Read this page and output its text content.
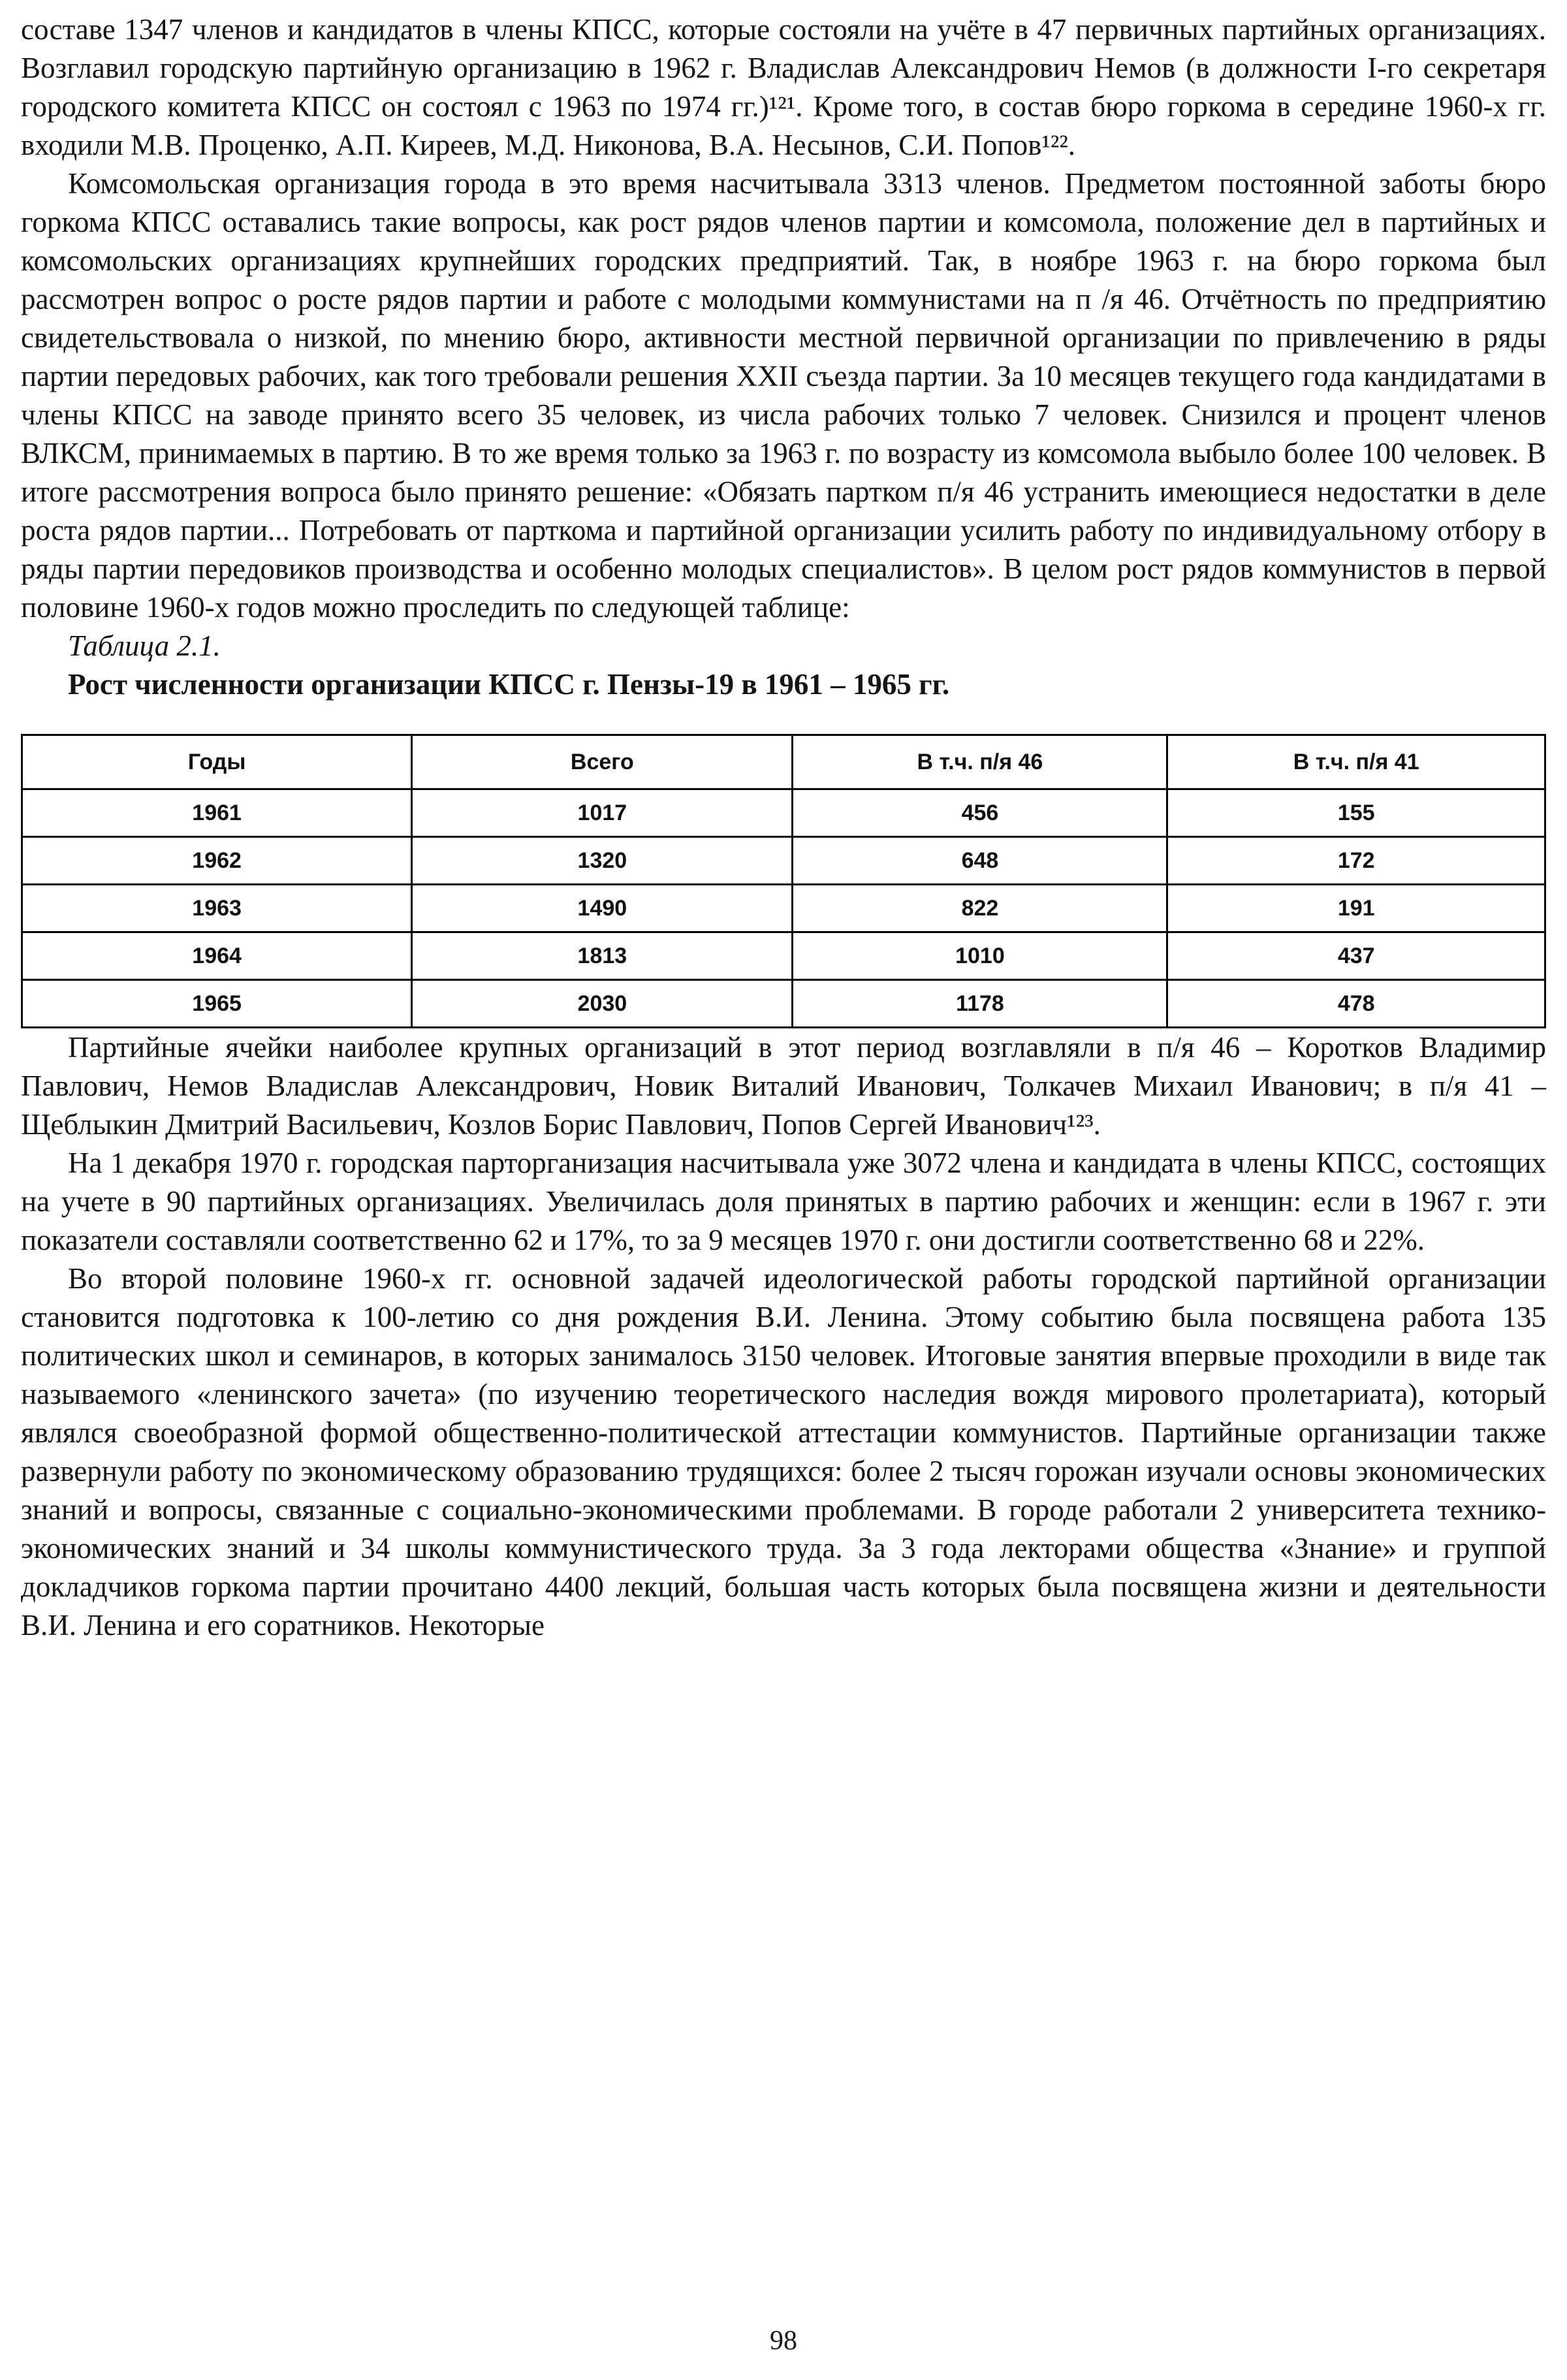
составе 1347 членов и кандидатов в члены КПСС, которые состояли на учёте в 47 первичных партийных организациях. Возглавил городскую партийную организацию в 1962 г. Владислав Александрович Немов (в должности I-го секретаря городского комитета КПСС он состоял с 1963 по 1974 гг.)¹²¹. Кроме того, в состав бюро горкома в середине 1960-х гг. входили М.В. Проценко, А.П. Киреев, М.Д. Никонова, В.А. Несынов, С.И. Попов¹²².

Комсомольская организация города в это время насчитывала 3313 членов. Предметом постоянной заботы бюро горкома КПСС оставались такие вопросы, как рост рядов членов партии и комсомола, положение дел в партийных и комсомольских организациях крупнейших городских предприятий. Так, в ноябре 1963 г. на бюро горкома был рассмотрен вопрос о росте рядов партии и работе с молодыми коммунистами на п /я 46. Отчётность по предприятию свидетельствовала о низкой, по мнению бюро, активности местной первичной организации по привлечению в ряды партии передовых рабочих, как того требовали решения XXII съезда партии. За 10 месяцев текущего года кандидатами в члены КПСС на заводе принято всего 35 человек, из числа рабочих только 7 человек. Снизился и процент членов ВЛКСМ, принимаемых в партию. В то же время только за 1963 г. по возрасту из комсомола выбыло более 100 человек. В итоге рассмотрения вопроса было принято решение: «Обязать партком п/я 46 устранить имеющиеся недостатки в деле роста рядов партии... Потребовать от парткома и партийной организации усилить работу по индивидуальному отбору в ряды партии передовиков производства и особенно молодых специалистов». В целом рост рядов коммунистов в первой половине 1960-х годов можно проследить по следующей таблице:

Таблица 2.1.

Рост численности организации КПСС г. Пензы-19 в 1961 – 1965 гг.

Годы	Всего	В т.ч. п/я 46	В т.ч. п/я 41
1961	1017	456	155
1962	1320	648	172
1963	1490	822	191
1964	1813	1010	437
1965	2030	1178	478

Партийные ячейки наиболее крупных организаций в этот период возглавляли в п/я 46 – Коротков Владимир Павлович, Немов Владислав Александрович, Новик Виталий Иванович, Толкачев Михаил Иванович; в п/я 41 – Щеблыкин Дмитрий Васильевич, Козлов Борис Павлович, Попов Сергей Иванович¹²³.

На 1 декабря 1970 г. городская парторганизация насчитывала уже 3072 члена и кандидата в члены КПСС, состоящих на учете в 90 партийных организациях. Увеличилась доля принятых в партию рабочих и женщин: если в 1967 г. эти показатели составляли соответственно 62 и 17%, то за 9 месяцев 1970 г. они достигли соответственно 68 и 22%.

Во второй половине 1960-х гг. основной задачей идеологической работы городской партийной организации становится подготовка к 100-летию со дня рождения В.И. Ленина. Этому событию была посвящена работа 135 политических школ и семинаров, в которых занималось 3150 человек. Итоговые занятия впервые проходили в виде так называемого «ленинского зачета» (по изучению теоретического наследия вождя мирового пролетариата), который являлся своеобразной формой общественно-политической аттестации коммунистов. Партийные организации также развернули работу по экономическому образованию трудящихся: более 2 тысяч горожан изучали основы экономических знаний и вопросы, связанные с социально-экономическими проблемами. В городе работали 2 университета технико-экономических знаний и 34 школы коммунистического труда. За 3 года лекторами общества «Знание» и группой докладчиков горкома партии прочитано 4400 лекций, большая часть которых была посвящена жизни и деятельности В.И. Ленина и его соратников. Некоторые

98
